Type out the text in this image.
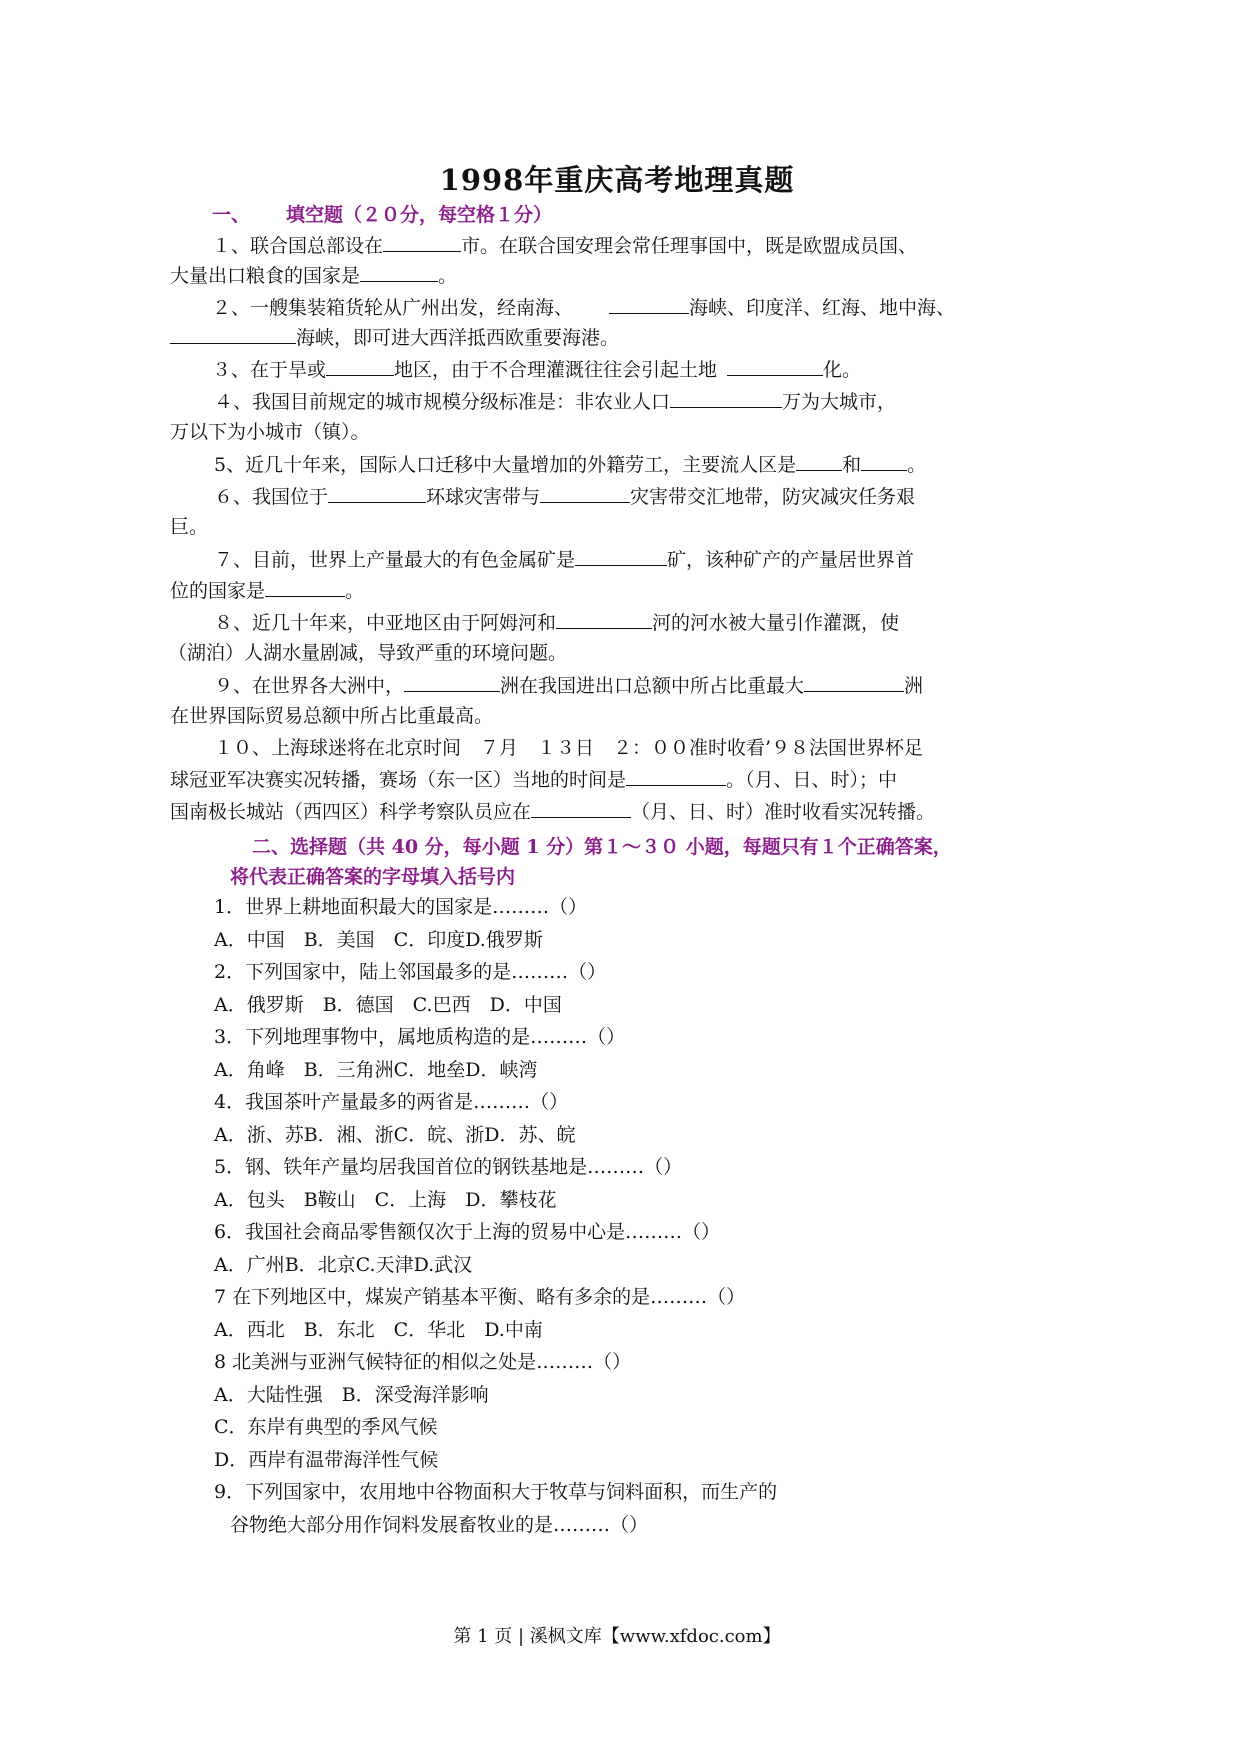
1998年重庆高考地理真题
一、 填空题（２０分，每空格１分）
１、联合国总部设在	市。在联合国安理会常任理事国中，既是欧盟成员国、
大量出口粮食的国家是	。
２、一艘集装箱货轮从广州出发，经南海、	海峡、印度洋、红海、地中海、
海峡，即可进大西洋抵西欧重要海港。
３、在于旱或	地区，由于不合理灌溉往往会引起土地	化。
４、我国目前规定的城市规模分级标准是：非农业人口	万为大城市，
万以下为小城市（镇）。
5、近几十年来，国际人口迁移中大量增加的外籍劳工，主要流人区是 和 。
６、我国位于	环球灾害带与	灾害带交汇地带，防灾减灾任务艰
巨。
７、目前，世界上产量最大的有色金属矿是	矿，该种矿产的产量居世界首
位的国家是	。
８、近几十年来，中亚地区由于阿姆河和	河的河水被大量引作灌溉，使
（湖泊）人湖水量剧减，导致严重的环境问题。
９、在世界各大洲中，	洲在我国进出口总额中所占比重最大	洲
在世界国际贸易总额中所占比重最高。
１０、上海球迷将在北京时间　７月　１３日　２：００准时收看’９８法国世界杯足
球冠亚军决赛实况转播，赛场（东一区）当地的时间是	。（月、日、时）；中
国南极长城站（西四区）科学考察队员应在	（月、日、时）准时收看实况转播。
二、选择题（共 40 分，每小题 1 分）第１～３０ 小题，每题只有１个正确答案，
将代表正确答案的字母填入括号内
1．世界上耕地面积最大的国家是………（）
A．中国　B．美国　C．印度D.俄罗斯
2．下列国家中，陆上邻国最多的是………（）
A．俄罗斯　B．德国　C.巴西　D．中国
3．下列地理事物中，属地质构造的是………（）
A．角峰　B．三角洲C．地垒D．峡湾
4．我国茶叶产量最多的两省是………（）
A．浙、苏B．湘、浙C．皖、浙D．苏、皖
5．钢、铁年产量均居我国首位的钢铁基地是………（）
A．包头　B鞍山　C．上海　D．攀枝花
6．我国社会商品零售额仅次于上海的贸易中心是………（）
A．广州B．北京C.天津D.武汉
7 在下列地区中，煤炭产销基本平衡、略有多余的是………（）
A．西北　B．东北　C．华北　D.中南
8 北美洲与亚洲气候特征的相似之处是………（）
A．大陆性强　B．深受海洋影响
C．东岸有典型的季风气候
D．西岸有温带海洋性气候
9．下列国家中，农用地中谷物面积大于牧草与饲料面积，而生产的
谷物绝大部分用作饲料发展畜牧业的是………（）
第 1 页 | 溪枫文库【www.xfdoc.com】
